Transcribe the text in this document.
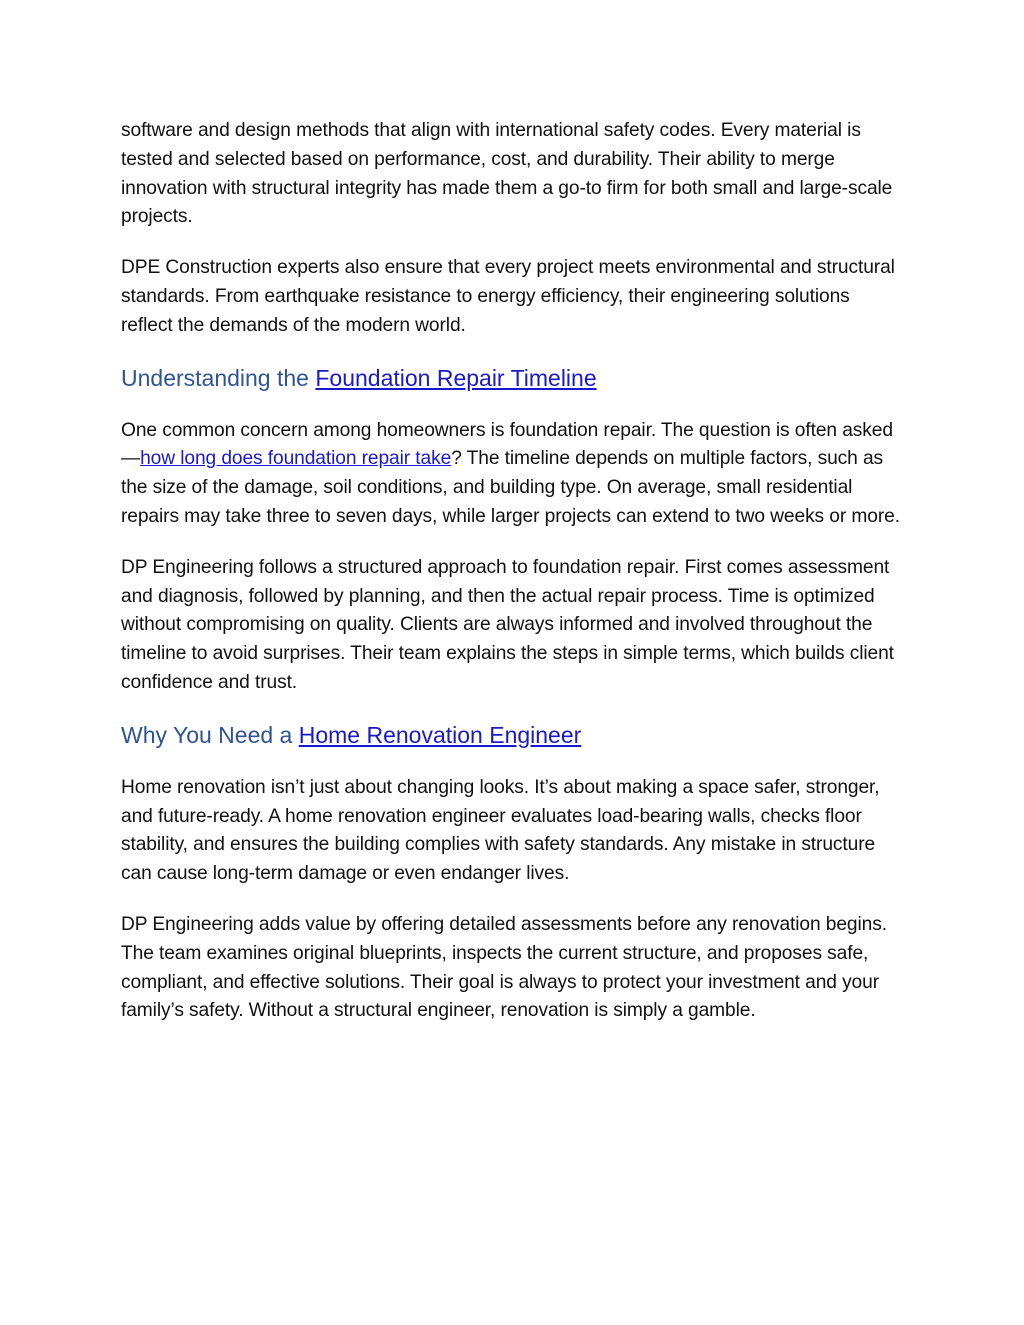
software and design methods that align with international safety codes. Every material is tested and selected based on performance, cost, and durability. Their ability to merge innovation with structural integrity has made them a go-to firm for both small and large-scale projects.

DPE Construction experts also ensure that every project meets environmental and structural standards. From earthquake resistance to energy efficiency, their engineering solutions reflect the demands of the modern world.

Understanding the Foundation Repair Timeline

One common concern among homeowners is foundation repair. The question is often asked—how long does foundation repair take? The timeline depends on multiple factors, such as the size of the damage, soil conditions, and building type. On average, small residential repairs may take three to seven days, while larger projects can extend to two weeks or more.

DP Engineering follows a structured approach to foundation repair. First comes assessment and diagnosis, followed by planning, and then the actual repair process. Time is optimized without compromising on quality. Clients are always informed and involved throughout the timeline to avoid surprises. Their team explains the steps in simple terms, which builds client confidence and trust.

Why You Need a Home Renovation Engineer

Home renovation isn’t just about changing looks. It’s about making a space safer, stronger, and future-ready. A home renovation engineer evaluates load-bearing walls, checks floor stability, and ensures the building complies with safety standards. Any mistake in structure can cause long-term damage or even endanger lives.

DP Engineering adds value by offering detailed assessments before any renovation begins. The team examines original blueprints, inspects the current structure, and proposes safe, compliant, and effective solutions. Their goal is always to protect your investment and your family’s safety. Without a structural engineer, renovation is simply a gamble.
